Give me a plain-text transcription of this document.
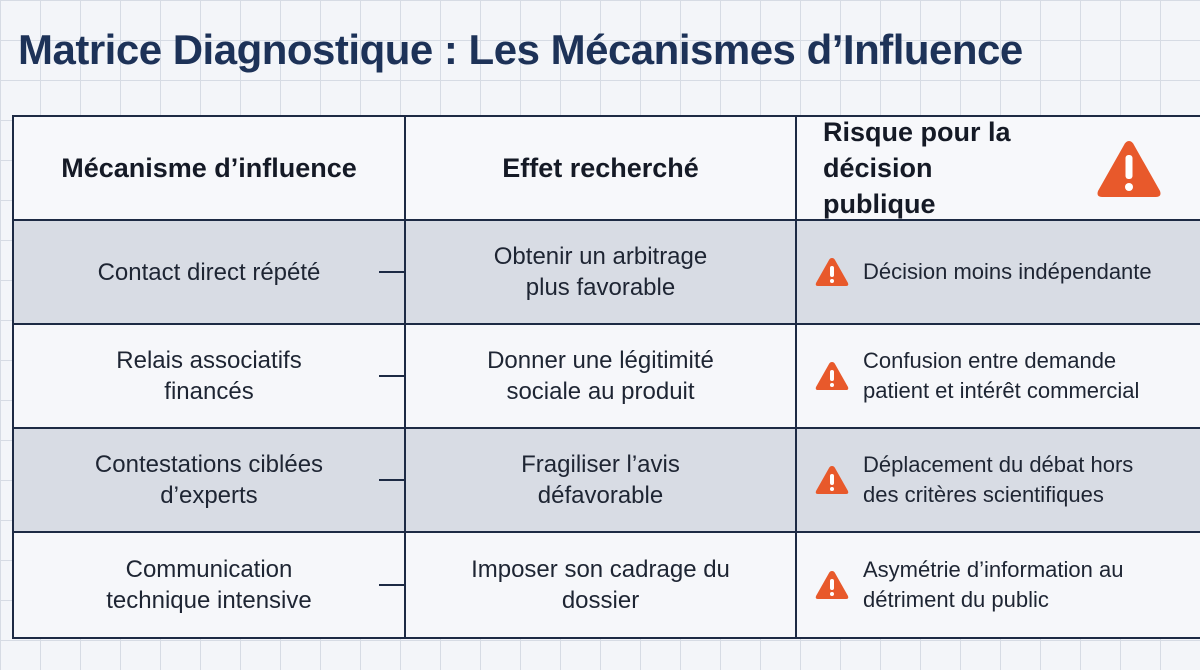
Matrice Diagnostique : Les Mécanismes d’Influence
Mécanisme d’influence	Effet recherché
Risque pour la décision publique
Contact direct répété
Obtenir un arbitrage plus favorable
Décision moins indépendante
Relais associatifs financés
Donner une légitimité sociale au produit
Confusion entre demande patient et intérêt commercial
Contestations ciblées d’experts
Fragiliser l’avis défavorable
Déplacement du débat hors des critères scientifiques
Communication technique intensive
Imposer son cadrage du dossier
Asymétrie d’information au détriment du public
